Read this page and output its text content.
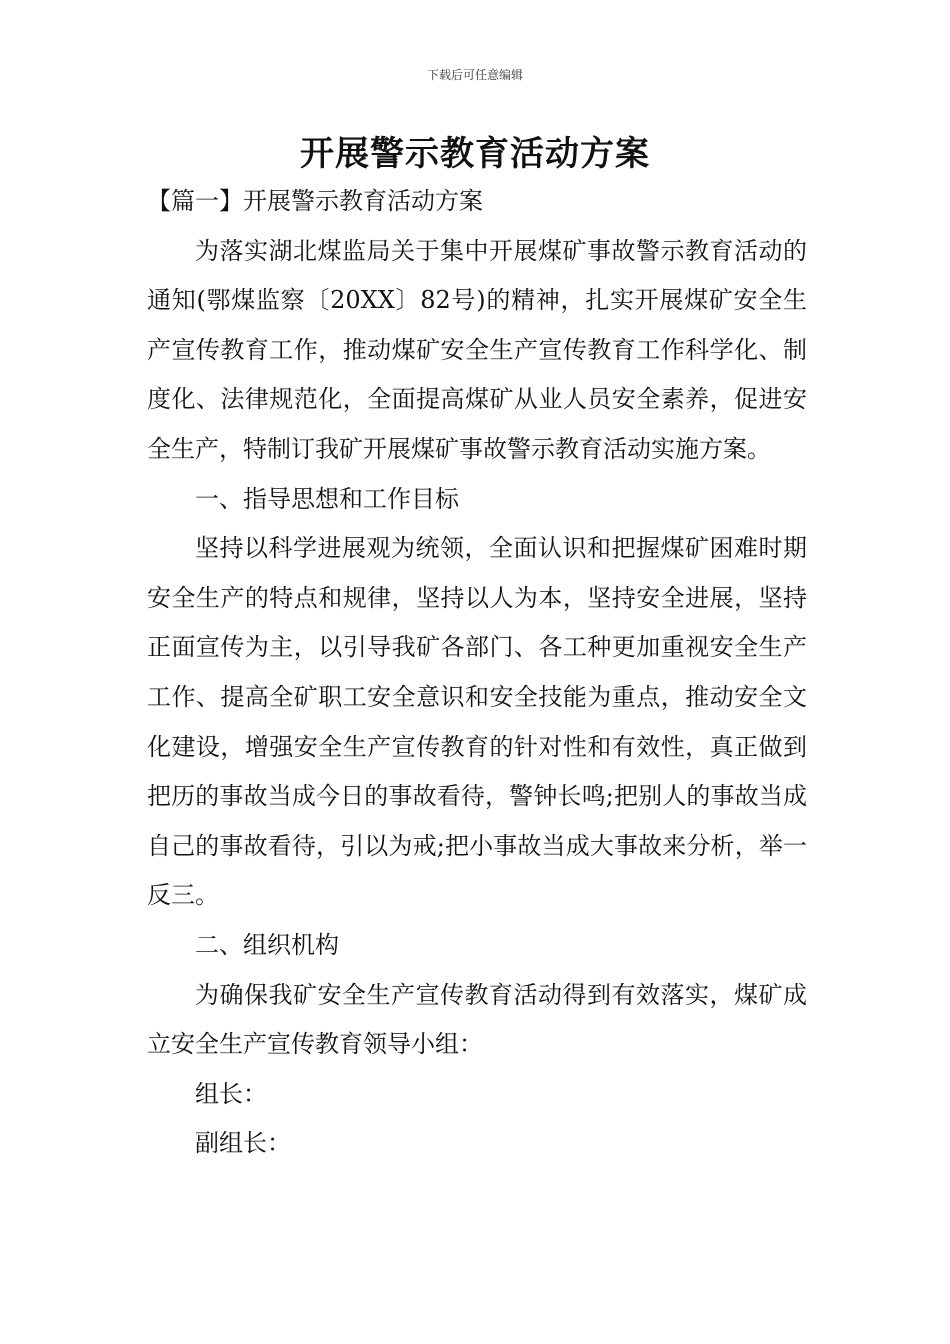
下载后可任意编辑
开展警示教育活动方案

【篇一】开展警示教育活动方案

为落实湖北煤监局关于集中开展煤矿事故警示教育活动的通知(鄂煤监察〔20XX〕82号)的精神，扎实开展煤矿安全生产宣传教育工作，推动煤矿安全生产宣传教育工作科学化、制度化、法律规范化，全面提高煤矿从业人员安全素养，促进安全生产，特制订我矿开展煤矿事故警示教育活动实施方案。

一、指导思想和工作目标

坚持以科学进展观为统领，全面认识和把握煤矿困难时期安全生产的特点和规律，坚持以人为本，坚持安全进展，坚持正面宣传为主，以引导我矿各部门、各工种更加重视安全生产工作、提高全矿职工安全意识和安全技能为重点，推动安全文化建设，增强安全生产宣传教育的针对性和有效性，真正做到把历的事故当成今日的事故看待，警钟长鸣;把别人的事故当成自己的事故看待，引以为戒;把小事故当成大事故来分析，举一反三。

二、组织机构

为确保我矿安全生产宣传教育活动得到有效落实，煤矿成立安全生产宣传教育领导小组：

组长：

副组长：
